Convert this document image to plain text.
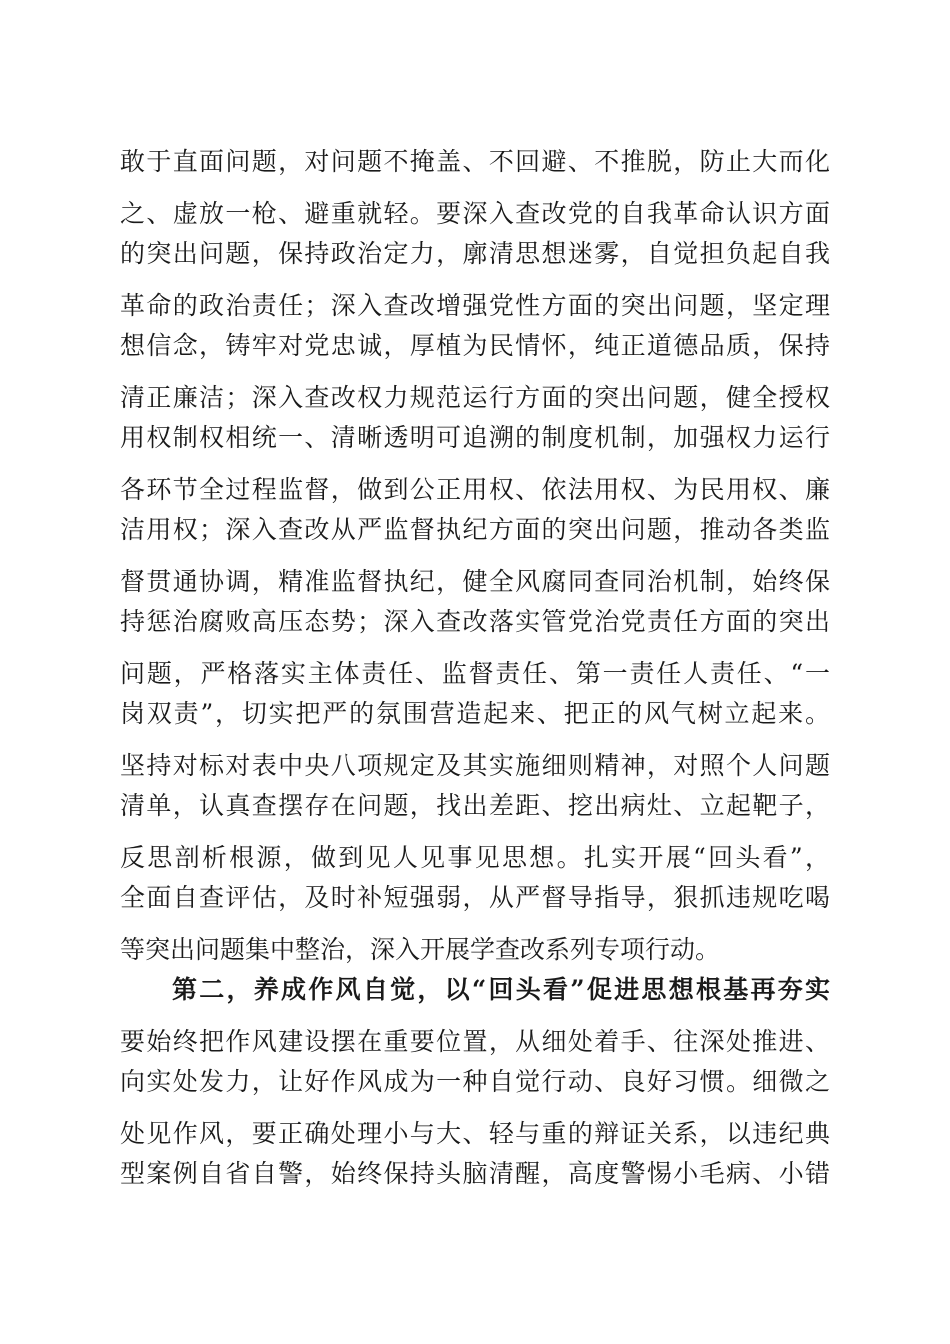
敢于直面问题，对问题不掩盖、不回避、不推脱，防止大而化
之、虚放一枪、避重就轻。要深入查改党的自我革命认识方面
的突出问题，保持政治定力，廓清思想迷雾，自觉担负起自我
革命的政治责任；深入查改增强党性方面的突出问题，坚定理
想信念，铸牢对党忠诚，厚植为民情怀，纯正道德品质，保持
清正廉洁；深入查改权力规范运行方面的突出问题，健全授权
用权制权相统一、清晰透明可追溯的制度机制，加强权力运行
各环节全过程监督，做到公正用权、依法用权、为民用权、廉
洁用权；深入查改从严监督执纪方面的突出问题，推动各类监
督贯通协调，精准监督执纪，健全风腐同查同治机制，始终保
持惩治腐败高压态势；深入查改落实管党治党责任方面的突出
问题，严格落实主体责任、监督责任、第一责任人责任、“一
岗双责”，切实把严的氛围营造起来、把正的风气树立起来。
坚持对标对表中央八项规定及其实施细则精神，对照个人问题
清单，认真查摆存在问题，找出差距、挖出病灶、立起靶子，
反思剖析根源，做到见人见事见思想。扎实开展“回头看”，
全面自查评估，及时补短强弱，从严督导指导，狠抓违规吃喝
等突出问题集中整治，深入开展学查改系列专项行动。
第二，养成作风自觉，以“回头看”促进思想根基再夯实
要始终把作风建设摆在重要位置，从细处着手、往深处推进、
向实处发力，让好作风成为一种自觉行动、良好习惯。细微之
处见作风，要正确处理小与大、轻与重的辩证关系，以违纪典
型案例自省自警，始终保持头脑清醒，高度警惕小毛病、小错
